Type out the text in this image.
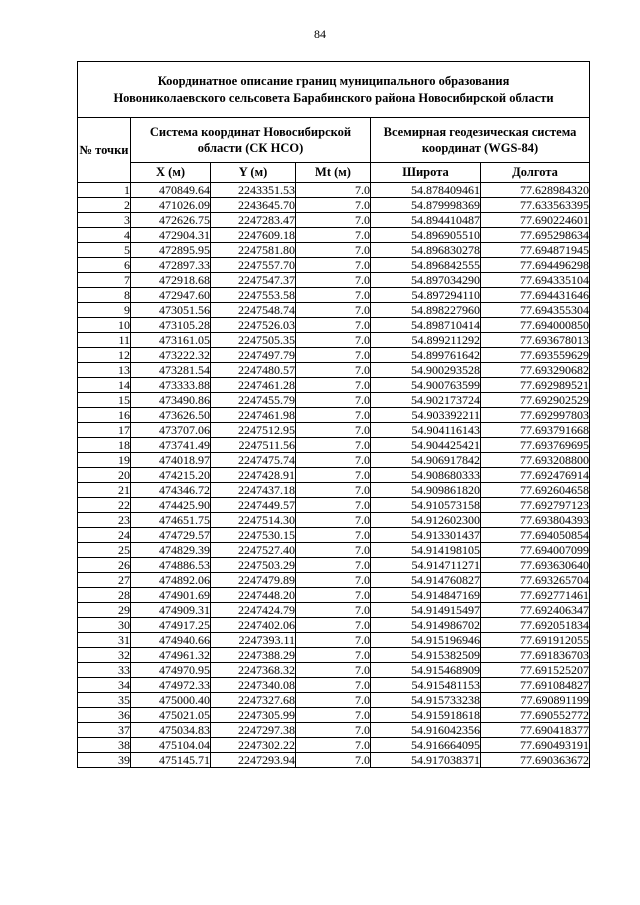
84
Координатное описание границ муниципального образования
Новониколаевского сельсовета Барабинского района Новосибирской области					
№ точки	Система координат Новосибирской области (СК НСО)			Всемирная геодезическая система координат (WGS-84)	
	X (м)	Y (м)	Mt (м)	Широта	Долгота
1	470849.64	2243351.53	7.0	54.878409461	77.628984320
2	471026.09	2243645.70	7.0	54.879998369	77.633563395
3	472626.75	2247283.47	7.0	54.894410487	77.690224601
4	472904.31	2247609.18	7.0	54.896905510	77.695298634
5	472895.95	2247581.80	7.0	54.896830278	77.694871945
6	472897.33	2247557.70	7.0	54.896842555	77.694496298
7	472918.68	2247547.37	7.0	54.897034290	77.694335104
8	472947.60	2247553.58	7.0	54.897294110	77.694431646
9	473051.56	2247548.74	7.0	54.898227960	77.694355304
10	473105.28	2247526.03	7.0	54.898710414	77.694000850
11	473161.05	2247505.35	7.0	54.899211292	77.693678013
12	473222.32	2247497.79	7.0	54.899761642	77.693559629
13	473281.54	2247480.57	7.0	54.900293528	77.693290682
14	473333.88	2247461.28	7.0	54.900763599	77.692989521
15	473490.86	2247455.79	7.0	54.902173724	77.692902529
16	473626.50	2247461.98	7.0	54.903392211	77.692997803
17	473707.06	2247512.95	7.0	54.904116143	77.693791668
18	473741.49	2247511.56	7.0	54.904425421	77.693769695
19	474018.97	2247475.74	7.0	54.906917842	77.693208800
20	474215.20	2247428.91	7.0	54.908680333	77.692476914
21	474346.72	2247437.18	7.0	54.909861820	77.692604658
22	474425.90	2247449.57	7.0	54.910573158	77.692797123
23	474651.75	2247514.30	7.0	54.912602300	77.693804393
24	474729.57	2247530.15	7.0	54.913301437	77.694050854
25	474829.39	2247527.40	7.0	54.914198105	77.694007099
26	474886.53	2247503.29	7.0	54.914711271	77.693630640
27	474892.06	2247479.89	7.0	54.914760827	77.693265704
28	474901.69	2247448.20	7.0	54.914847169	77.692771461
29	474909.31	2247424.79	7.0	54.914915497	77.692406347
30	474917.25	2247402.06	7.0	54.914986702	77.692051834
31	474940.66	2247393.11	7.0	54.915196946	77.691912055
32	474961.32	2247388.29	7.0	54.915382509	77.691836703
33	474970.95	2247368.32	7.0	54.915468909	77.691525207
34	474972.33	2247340.08	7.0	54.915481153	77.691084827
35	475000.40	2247327.68	7.0	54.915733238	77.690891199
36	475021.05	2247305.99	7.0	54.915918618	77.690552772
37	475034.83	2247297.38	7.0	54.916042356	77.690418377
38	475104.04	2247302.22	7.0	54.916664095	77.690493191
39	475145.71	2247293.94	7.0	54.917038371	77.690363672
